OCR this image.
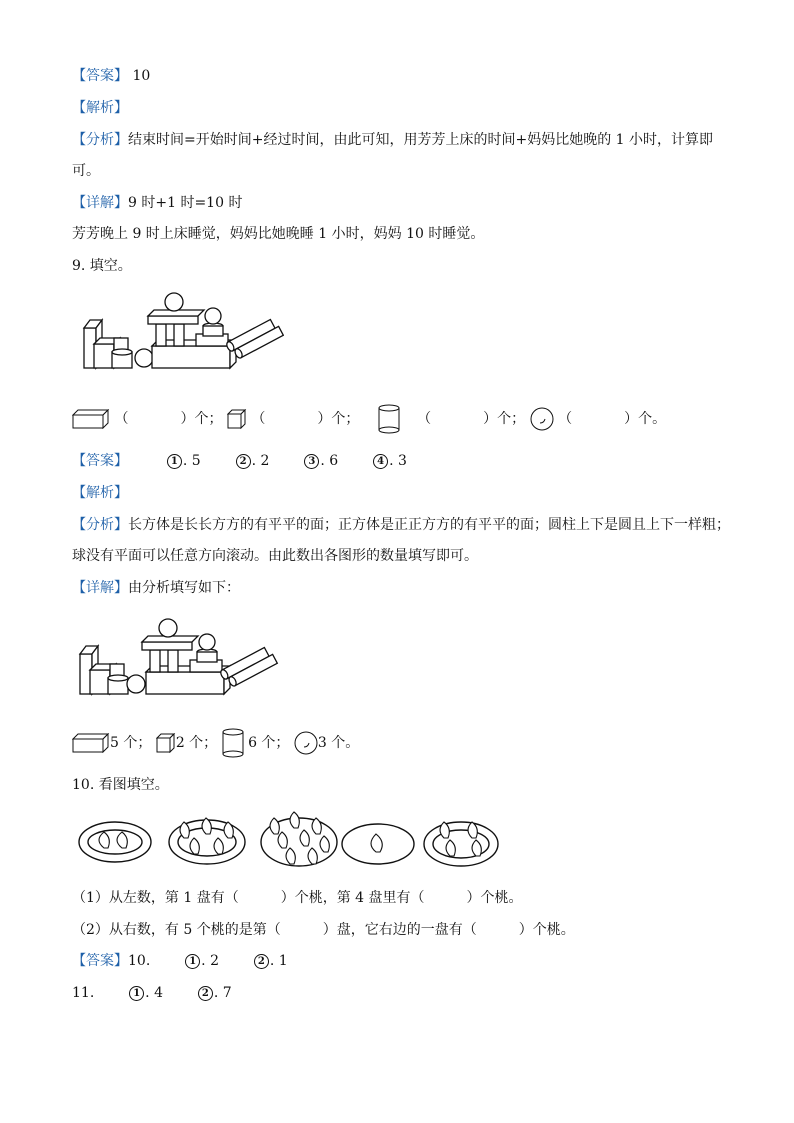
【答案】 10
【解析】
【分析】结束时间=开始时间+经过时间，由此可知，用芳芳上床的时间+妈妈比她晚的 1 小时，计算即
可。
【详解】9 时+1 时=10 时
芳芳晚上 9 时上床睡觉，妈妈比她晚睡 1 小时，妈妈 10 时睡觉。
9. 填空。
（	）个； （	）个；	（	）个； （	）个。
【答案】	1 . 5	2 . 2	3 . 6	4 . 3
【解析】
【分析】长方体是长长方方的有平平的面；正方体是正正方方的有平平的面；圆柱上下是圆且上下一样粗；
球没有平面可以任意方向滚动。由此数出各图形的数量填写即可。
【详解】由分析填写如下：
5 个； 2 个； 6 个； 3 个。
10. 看图填空。
（1）从左数，第 1 盘有（　　　）个桃，第 4 盘里有（　　　）个桃。
（2）从右数，有 5 个桃的是第（　　　）盘，它右边的一盘有（　　　）个桃。
【答案】10.	1 . 2	2 . 1
11.	1 . 4	2 . 7
